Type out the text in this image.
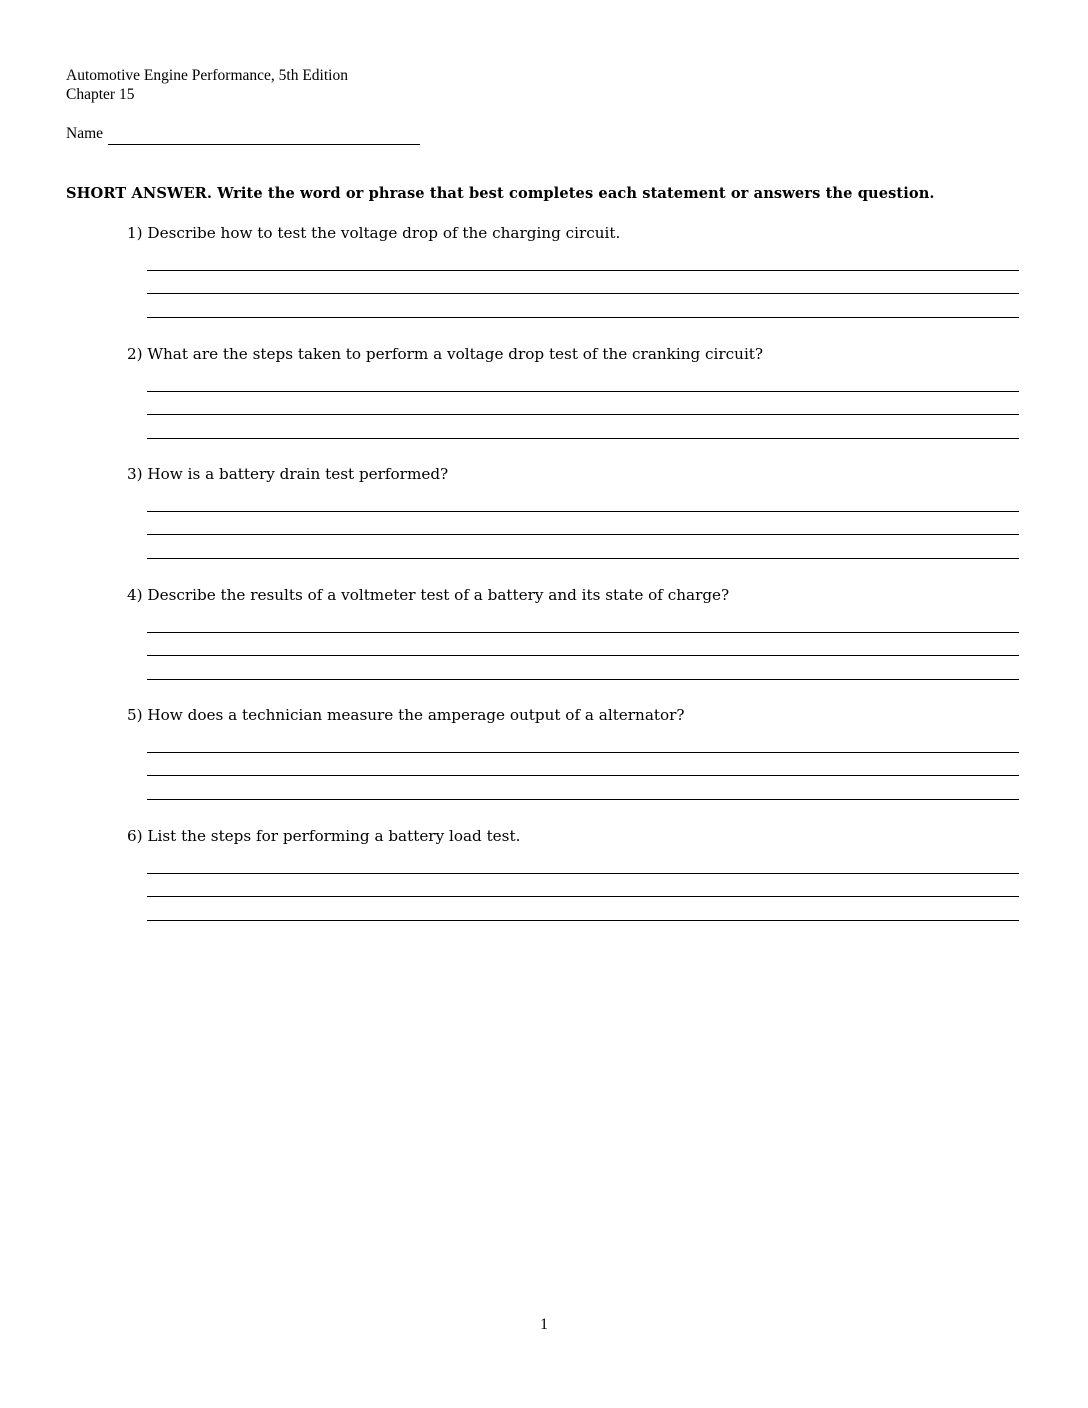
Automotive Engine Performance, 5th Edition
Chapter 15
Name
SHORT ANSWER. Write the word or phrase that best completes each statement or answers the question.
1) Describe how to test the voltage drop of the charging circuit.
2) What are the steps taken to perform a voltage drop test of the cranking circuit?
3) How is a battery drain test performed?
4) Describe the results of a voltmeter test of a battery and its state of charge?
5) How does a technician measure the amperage output of a alternator?
6) List the steps for performing a battery load test.
1
